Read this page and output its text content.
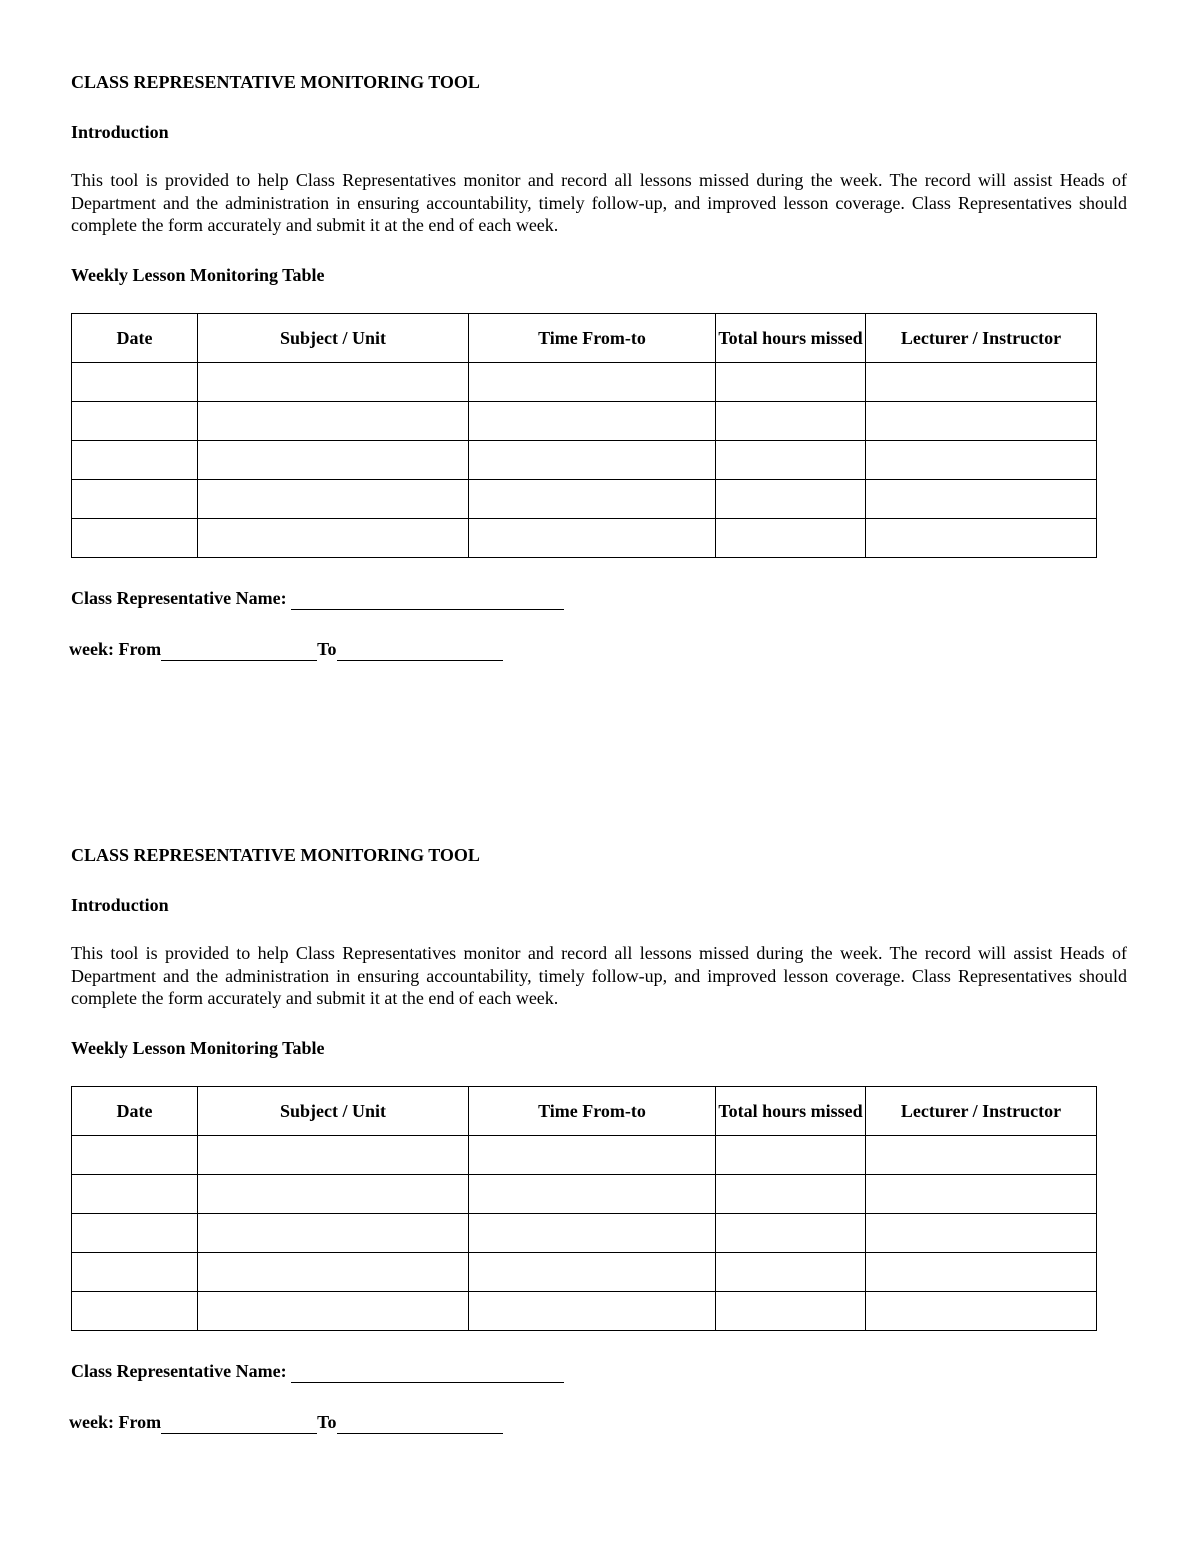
CLASS REPRESENTATIVE MONITORING TOOL

Introduction

This tool is provided to help Class Representatives monitor and record all lessons missed during the week. The record will assist Heads of Department and the administration in ensuring accountability, timely follow-up, and improved lesson coverage. Class Representatives should complete the form accurately and submit it at the end of each week.

Weekly Lesson Monitoring Table

Date	Subject / Unit	Time From-to	Total hours missed	Lecturer / Instructor

Class Representative Name:
week: From	To

CLASS REPRESENTATIVE MONITORING TOOL

Introduction

This tool is provided to help Class Representatives monitor and record all lessons missed during the week. The record will assist Heads of Department and the administration in ensuring accountability, timely follow-up, and improved lesson coverage. Class Representatives should complete the form accurately and submit it at the end of each week.

Weekly Lesson Monitoring Table

Date	Subject / Unit	Time From-to	Total hours missed	Lecturer / Instructor

Class Representative Name:
week: From	To
